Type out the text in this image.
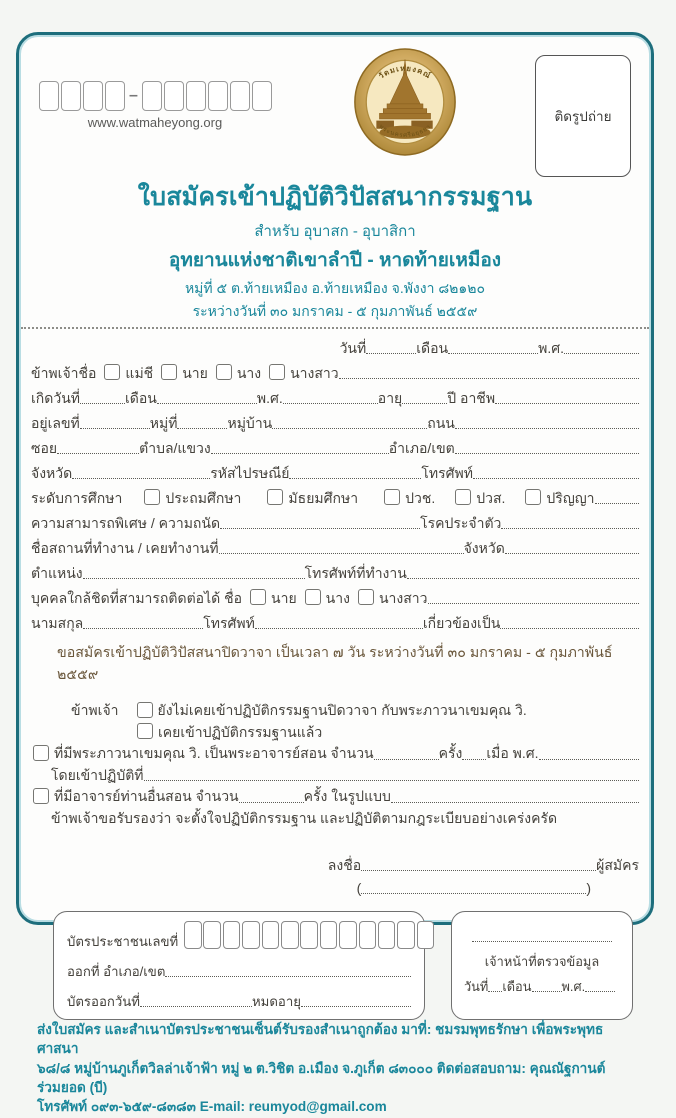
–
www.watmaheyong.org
วัดมเหยงคณ์
พระนครศรีอยุธยา
ติดรูปถ่าย
ใบสมัครเข้าปฏิบัติวิปัสสนากรรมฐาน
สำหรับ อุบาสก - อุบาสิกา
อุทยานแห่งชาติเขาลำปี - หาดท้ายเหมือง
หมู่ที่ ๕ ต.ท้ายเหมือง อ.ท้ายเหมือง จ.พังงา ๘๒๑๒๐
ระหว่างวันที่ ๓๐ มกราคม - ๕ กุมภาพันธ์ ๒๕๕๙
วันที่	เดือน	พ.ศ.
ข้าพเจ้าชื่อ แม่ชี นาย นาง นางสาว
เกิดวันที่	เดือน	พ.ศ.	อายุ	ปี อาชีพ
อยู่เลขที่	หมู่ที่	หมู่บ้าน	ถนน
ซอย	ตำบล/แขวง	อำเภอ/เขต
จังหวัด	รหัสไปรษณีย์	โทรศัพท์
ระดับการศึกษา	ประถมศึกษา	มัธยมศึกษา	ปวช.	ปวส.	ปริญญา
ความสามารถพิเศษ / ความถนัด	โรคประจำตัว
ชื่อสถานที่ทำงาน / เคยทำงานที่	จังหวัด
ตำแหน่ง	โทรศัพท์ที่ทำงาน
บุคคลใกล้ชิดที่สามารถติดต่อได้ ชื่อ นาย นาง นางสาว
นามสกุล	โทรศัพท์	เกี่ยวข้องเป็น
ขอสมัครเข้าปฏิบัติวิปัสสนาปิดวาจา เป็นเวลา ๗ วัน ระหว่างวันที่ ๓๐ มกราคม - ๕ กุมภาพันธ์ ๒๕๕๙
ข้าพเจ้า	ยังไม่เคยเข้าปฏิบัติกรรมฐานปิดวาจา กับพระภาวนาเขมคุณ วิ.
เคยเข้าปฏิบัติกรรมฐานแล้ว
ที่มีพระภาวนาเขมคุณ วิ. เป็นพระอาจารย์สอน จำนวน	ครั้ง เมื่อ พ.ศ.
โดยเข้าปฏิบัติที่
ที่มีอาจารย์ท่านอื่นสอน จำนวน	ครั้ง ในรูปแบบ
ข้าพเจ้าขอรับรองว่า จะตั้งใจปฏิบัติกรรมฐาน และปฏิบัติตามกฎระเบียบอย่างเคร่งครัด
ลงชื่อ	ผู้สมัคร
(	)
บัตรประชาชนเลขที่
ออกที่ อำเภอ/เขต
บัตรออกวันที่	หมดอายุ
เจ้าหน้าที่ตรวจข้อมูล
วันที่ เดือน พ.ศ.
ส่งใบสมัคร และสำเนาบัตรประชาชนเซ็นต์รับรองสำเนาถูกต้อง มาที่: ชมรมพุทธรักษา เพื่อพระพุทธศาสนา
๖๘/๘ หมู่บ้านภูเก็ตวิลล่าเจ้าฟ้า หมู่ ๒ ต.วิชิต อ.เมือง จ.ภูเก็ต ๘๓๐๐๐ ติดต่อสอบถาม: คุณณัฐกานต์ ร่วมยอด (บี)
โทรศัพท์ ๐๙๓-๖๕๙-๘๓๘๓ E-mail: reumyod@gmail.com
